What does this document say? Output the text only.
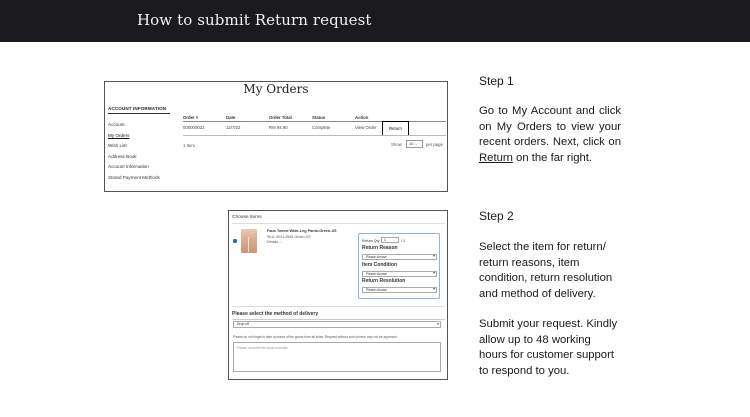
How to submit Return request
My Orders
ACCOUNT INFORMATION
Account
My Orders
Wish List
Address Book
Account Information
Stored Payment Methods
Order #	Date	Order Total	Status	Action
000000022	12/7/22	RM 94.90	Complete	View Order	Return
1 Item	Show	10 ⌵	per page
Choose Items
Faux Tweed Wide-Leg Pants-Green-XS
SKU: 8011-4545-Green-XS
Details ⌵	Return Qty	1	/ 1
Return Reason
Please choose ▾
Item Condition
Please choose ▾
Return Resolution
Please choose ▾
Please select the method of delivery
Drop off ▾
Please do not forget to take a picture of the goods from all sides. Request without such photos may not be approved.
Please, describe the issue in details
Step 1
Go to My Account and click on My Orders to view your recent orders. Next, click on Return on the far right.
Step 2
Select the item for return/ return reasons, item condition, return resolution and method of delivery.
Submit your request. Kindly allow up to 48 working hours for customer support to respond to you.
